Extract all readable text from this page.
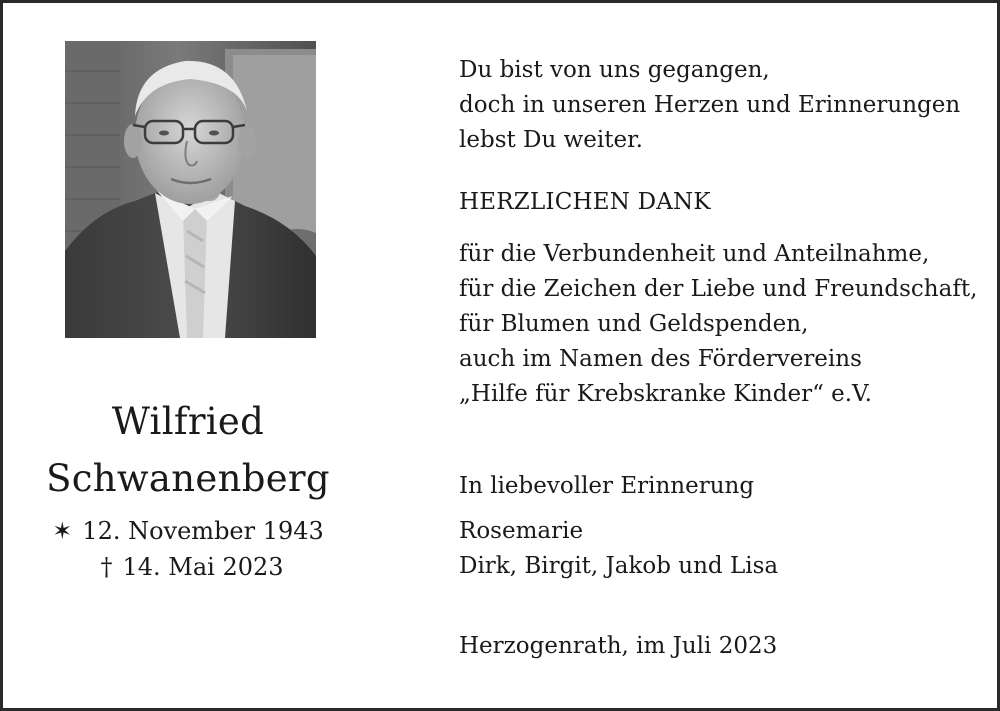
Wilfried
Schwanenberg
✶ 12. November 1943
† 14. Mai 2023
Du bist von uns gegangen,
doch in unseren Herzen und Erinnerungen
lebst Du weiter.
HERZLICHEN DANK
für die Verbundenheit und Anteilnahme,
für die Zeichen der Liebe und Freundschaft,
für Blumen und Geldspenden,
auch im Namen des Fördervereins
„Hilfe für Krebskranke Kinder“ e.V.
In liebevoller Erinnerung
Rosemarie
Dirk, Birgit, Jakob und Lisa
Herzogenrath, im Juli 2023
